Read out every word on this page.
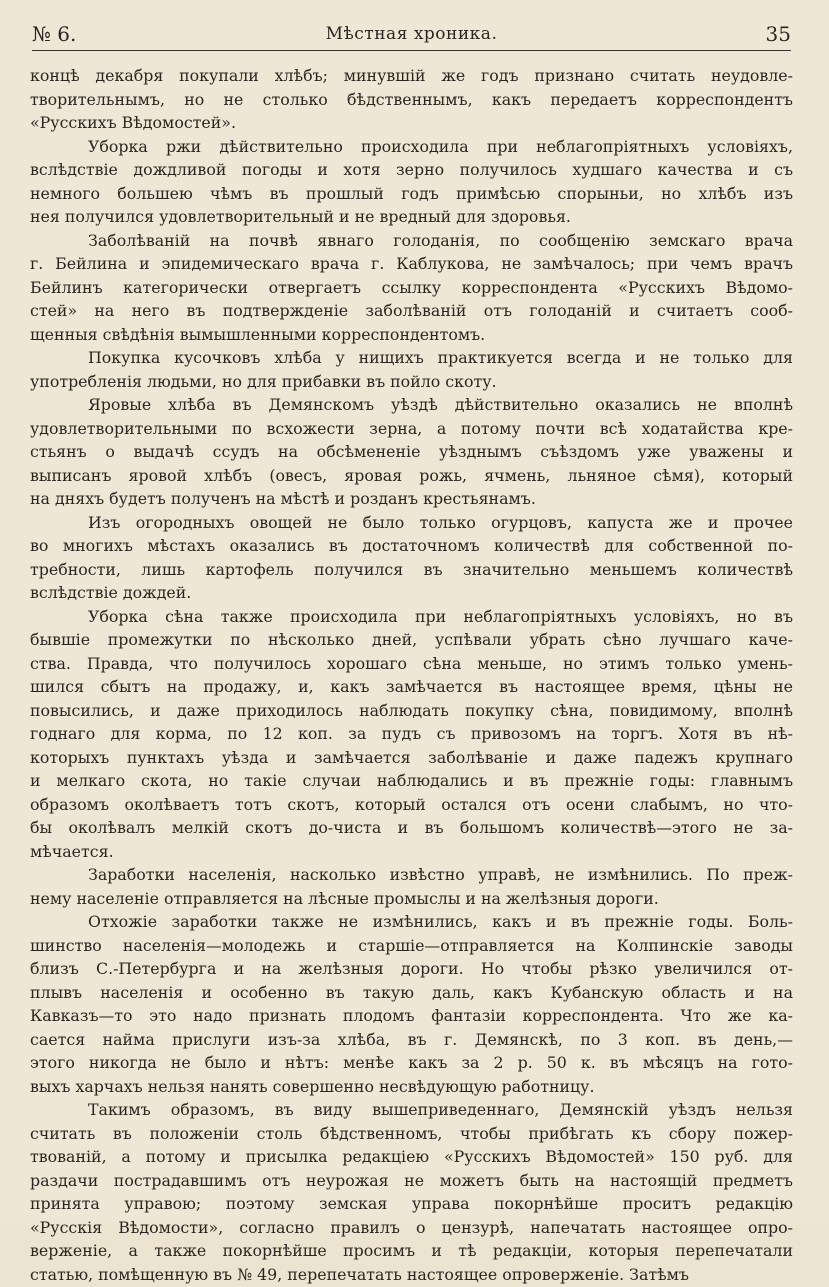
№ 6.	Мѣстная хроника.	35
концѣ декабря покупали хлѣбъ; минувшій же годъ признано считать неудовле-
творительнымъ, но не столько бѣдственнымъ, какъ передаетъ корреспондентъ
«Русскихъ Вѣдомостей».
Уборка ржи дѣйствительно происходила при неблагопріятныхъ условіяхъ,
вслѣдствіе дождливой погоды и хотя зерно получилось худшаго качества и съ
немного большею чѣмъ въ прошлый годъ примѣсью спорыньи, но хлѣбъ изъ
нея получился удовлетворительный и не вредный для здоровья.
Заболѣваній на почвѣ явнаго голоданія, по сообщенію земскаго врача
г. Бейлина и эпидемическаго врача г. Каблукова, не замѣчалось; при чемъ врачъ
Бейлинъ категорически отвергаетъ ссылку корреспондента «Русскихъ Вѣдомо-
стей» на него въ подтвержденіе заболѣваній отъ голоданій и считаетъ сооб-
щенныя свѣдѣнія вымышленными корреспондентомъ.
Покупка кусочковъ хлѣба у нищихъ практикуется всегда и не только для
употребленія людьми, но для прибавки въ пойло скоту.
Яровые хлѣба въ Демянскомъ уѣздѣ дѣйствительно оказались не вполнѣ
удовлетворительными по всхожести зерна, а потому почти всѣ ходатайства кре-
стьянъ о выдачѣ ссудъ на обсѣмененіе уѣзднымъ съѣздомъ уже уважены и
выписанъ яровой хлѣбъ (овесъ, яровая рожь, ячмень, льняное сѣмя), который
на дняхъ будетъ полученъ на мѣстѣ и розданъ крестьянамъ.
Изъ огородныхъ овощей не было только огурцовъ, капуста же и прочее
во многихъ мѣстахъ оказались въ достаточномъ количествѣ для собственной по-
требности, лишь картофель получился въ значительно меньшемъ количествѣ
вслѣдствіе дождей.
Уборка сѣна также происходила при неблагопріятныхъ условіяхъ, но въ
бывшіе промежутки по нѣсколько дней, успѣвали убрать сѣно лучшаго каче-
ства. Правда, что получилось хорошаго сѣна меньше, но этимъ только умень-
шился сбытъ на продажу, и, какъ замѣчается въ настоящее время, цѣны не
повысились, и даже приходилось наблюдать покупку сѣна, повидимому, вполнѣ
годнаго для корма, по 12 коп. за пудъ съ привозомъ на торгъ. Хотя въ нѣ-
которыхъ пунктахъ уѣзда и замѣчается заболѣваніе и даже падежъ крупнаго
и мелкаго скота, но такіе случаи наблюдались и въ прежніе годы: главнымъ
образомъ околѣваетъ тотъ скотъ, который остался отъ осени слабымъ, но что-
бы околѣвалъ мелкій скотъ до-чиста и въ большомъ количествѣ—этого не за-
мѣчается.
Заработки населенія, насколько извѣстно управѣ, не измѣнились. По преж-
нему населеніе отправляется на лѣсные промыслы и на желѣзныя дороги.
Отхожіе заработки также не измѣнились, какъ и въ прежніе годы. Боль-
шинство населенія—молодежь и старшіе—отправляется на Колпинскіе заводы
близъ С.-Петербурга и на желѣзныя дороги. Но чтобы рѣзко увеличился от-
плывъ населенія и особенно въ такую даль, какъ Кубанскую область и на
Кавказъ—то это надо признать плодомъ фантазіи корреспондента. Что же ка-
сается найма прислуги изъ-за хлѣба, въ г. Демянскѣ, по 3 коп. въ день,—
этого никогда не было и нѣтъ: менѣе какъ за 2 р. 50 к. въ мѣсяцъ на гото-
выхъ харчахъ нельзя нанять совершенно несвѣдующую работницу.
Такимъ образомъ, въ виду вышеприведеннаго, Демянскій уѣздъ нельзя
считать въ положеніи столь бѣдственномъ, чтобы прибѣгать къ сбору пожер-
твованій, а потому и присылка редакціею «Русскихъ Вѣдомостей» 150 руб. для
раздачи пострадавшимъ отъ неурожая не можетъ быть на настоящій предметъ
принята управою; поэтому земская управа покорнѣйше проситъ редакцію
«Русскія Вѣдомости», согласно правилъ о цензурѣ, напечатать настоящее опро-
верженіе, а также покорнѣйше просимъ и тѣ редакціи, которыя перепечатали
статью, помѣщенную въ № 49, перепечатать настоящее опроверженіе. Затѣмъ
